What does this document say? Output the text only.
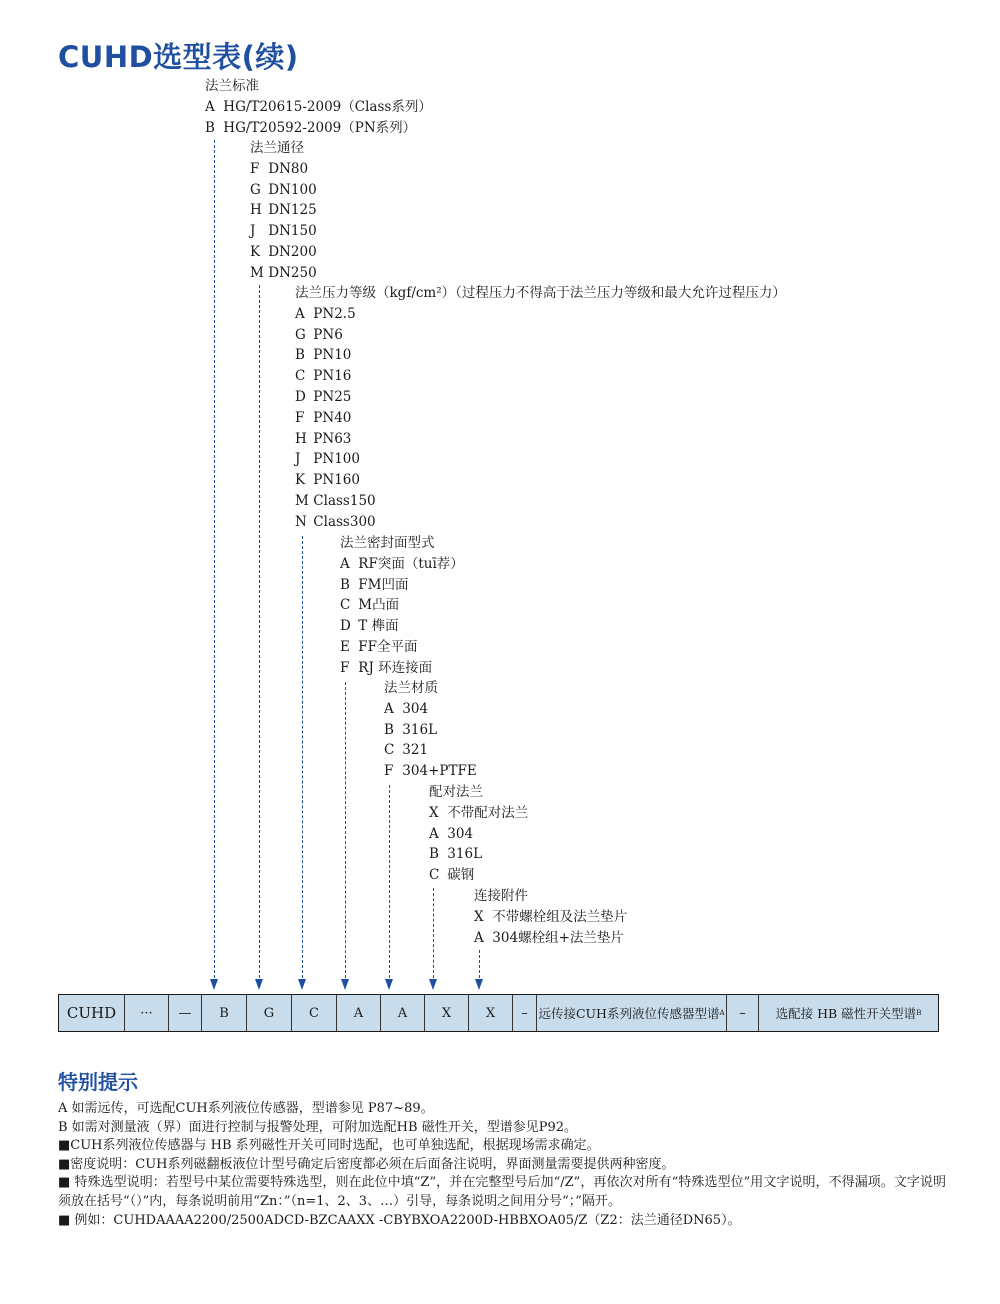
CUHD选型表(续)
法兰标准
A HG/T20615-2009（Class系列）
B HG/T20592-2009（PN系列）
法兰通径
F DN80
G DN100
H DN125
J DN150
K DN200
M DN250
法兰压力等级（kgf/cm²）（过程压力不得高于法兰压力等级和最大允许过程压力）
A PN2.5
G PN6
B PN10
C PN16
D PN25
F PN40
H PN63
J PN100
K PN160
M Class150
N Class300
法兰密封面型式
A RF突面（tuī荐）
B FM凹面
C M凸面
D T 榫面
E FF全平面
F RJ 环连接面
法兰材质
A 304
B 316L
C 321
F 304+PTFE
配对法兰
X 不带配对法兰
A 304
B 316L
C 碳钢
连接附件
X 不带螺栓组及法兰垫片
A 304螺栓组+法兰垫片
CUHD	···	—	B	G	C	A	A	X	X	– 远传接CUH系列液位传感器型谱 A	–	选配接 HB 磁性开关型谱 B
特别提示

A 如需远传，可选配CUH系列液位传感器，型谱参见 P87~89。

B 如需对测量液（界）面进行控制与报警处理，可附加选配HB 磁性开关，型谱参见P92。

■CUH系列液位传感器与 HB 系列磁性开关可同时选配，也可单独选配，根据现场需求确定。

■密度说明：CUH系列磁翻板液位计型号确定后密度都必须在后面备注说明，界面测量需要提供两种密度。

■ 特殊选型说明：若型号中某位需要特殊选型，则在此位中填“Z”，并在完整型号后加“/Z”，再依次对所有“特殊选型位”用文字说明，不得漏项。文字说明须放在括号“（）”内，每条说明前用“Zn：”（n=1、2、3、…）引导，每条说明之间用分号“；”隔开。

■ 例如：CUHDAAAA2200/2500ADCD-BZCAAXX -CBYBXOA2200D-HBBXOA05/Z（Z2：法兰通径DN65）。
